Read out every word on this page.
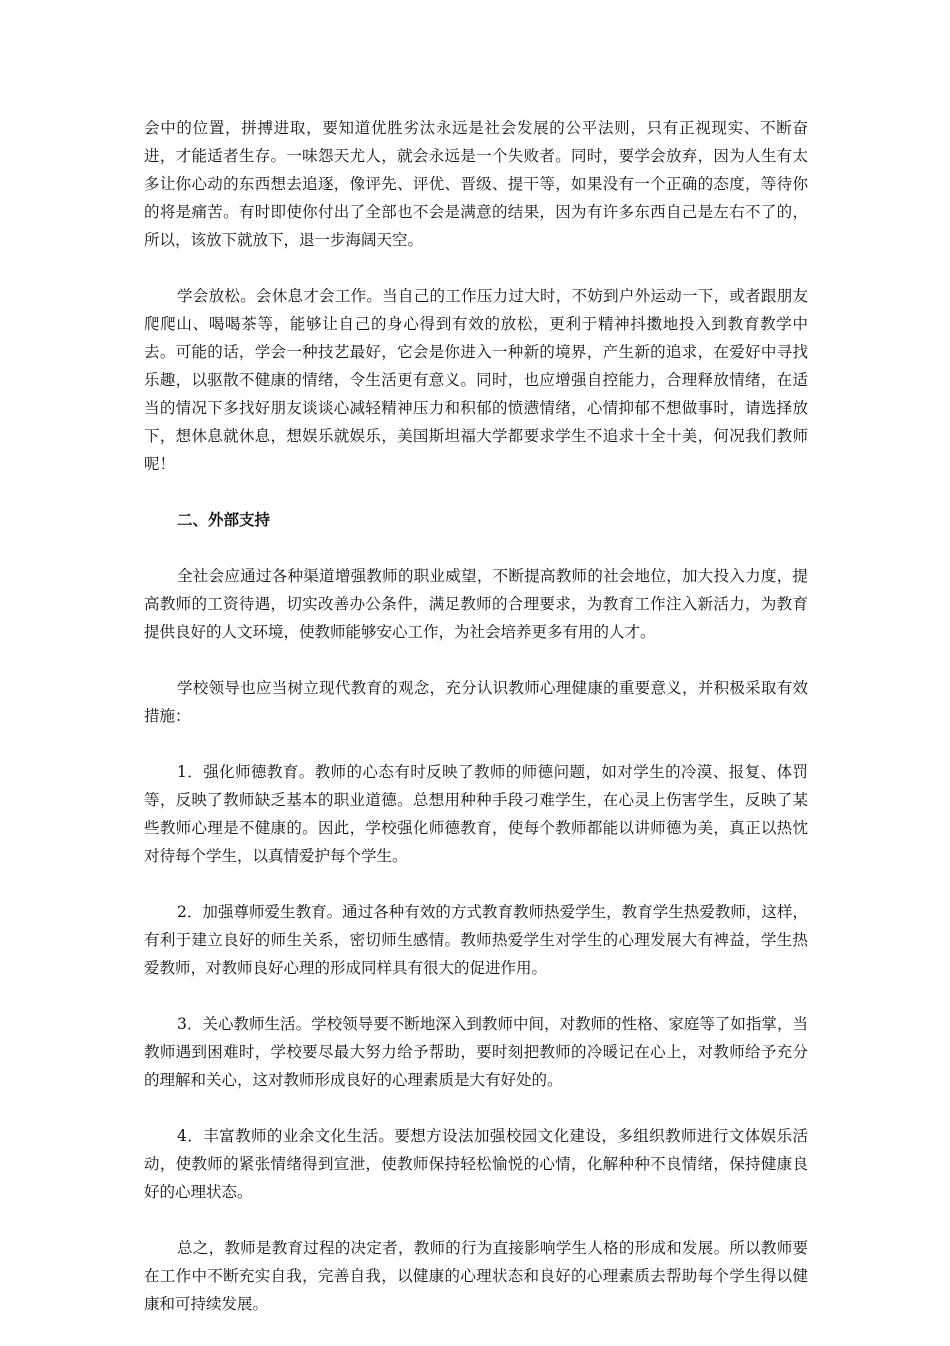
会中的位置，拼搏进取，要知道优胜劣汰永远是社会发展的公平法则，只有正视现实、不断奋进，才能适者生存。一味怨天尤人，就会永远是一个失败者。同时，要学会放弃，因为人生有太多让你心动的东西想去追逐，像评先、评优、晋级、提干等，如果没有一个正确的态度，等待你的将是痛苦。有时即使你付出了全部也不会是满意的结果，因为有许多东西自己是左右不了的，所以，该放下就放下，退一步海阔天空。

学会放松。会休息才会工作。当自己的工作压力过大时，不妨到户外运动一下，或者跟朋友爬爬山、喝喝茶等，能够让自己的身心得到有效的放松，更利于精神抖擞地投入到教育教学中去。可能的话，学会一种技艺最好，它会是你进入一种新的境界，产生新的追求，在爱好中寻找乐趣，以驱散不健康的情绪，令生活更有意义。同时，也应增强自控能力，合理释放情绪，在适当的情况下多找好朋友谈谈心减轻精神压力和积郁的愤懑情绪，心情抑郁不想做事时，请选择放下，想休息就休息，想娱乐就娱乐，美国斯坦福大学都要求学生不追求十全十美，何况我们教师呢！

二、外部支持

全社会应通过各种渠道增强教师的职业威望，不断提高教师的社会地位，加大投入力度，提高教师的工资待遇，切实改善办公条件，满足教师的合理要求，为教育工作注入新活力，为教育提供良好的人文环境，使教师能够安心工作，为社会培养更多有用的人才。

学校领导也应当树立现代教育的观念，充分认识教师心理健康的重要意义，并积极采取有效措施：

1．强化师德教育。教师的心态有时反映了教师的师德问题，如对学生的冷漠、报复、体罚等，反映了教师缺乏基本的职业道德。总想用种种手段刁难学生，在心灵上伤害学生，反映了某些教师心理是不健康的。因此，学校强化师德教育，使每个教师都能以讲师德为美，真正以热忱对待每个学生，以真情爱护每个学生。

2．加强尊师爱生教育。通过各种有效的方式教育教师热爱学生，教育学生热爱教师，这样，有利于建立良好的师生关系，密切师生感情。教师热爱学生对学生的心理发展大有裨益，学生热爱教师，对教师良好心理的形成同样具有很大的促进作用。

3．关心教师生活。学校领导要不断地深入到教师中间，对教师的性格、家庭等了如指掌，当教师遇到困难时，学校要尽最大努力给予帮助，要时刻把教师的冷暖记在心上，对教师给予充分的理解和关心，这对教师形成良好的心理素质是大有好处的。

4．丰富教师的业余文化生活。要想方设法加强校园文化建设，多组织教师进行文体娱乐活动，使教师的紧张情绪得到宣泄，使教师保持轻松愉悦的心情，化解种种不良情绪，保持健康良好的心理状态。

总之，教师是教育过程的决定者，教师的行为直接影响学生人格的形成和发展。所以教师要在工作中不断充实自我，完善自我，以健康的心理状态和良好的心理素质去帮助每个学生得以健康和可持续发展。
